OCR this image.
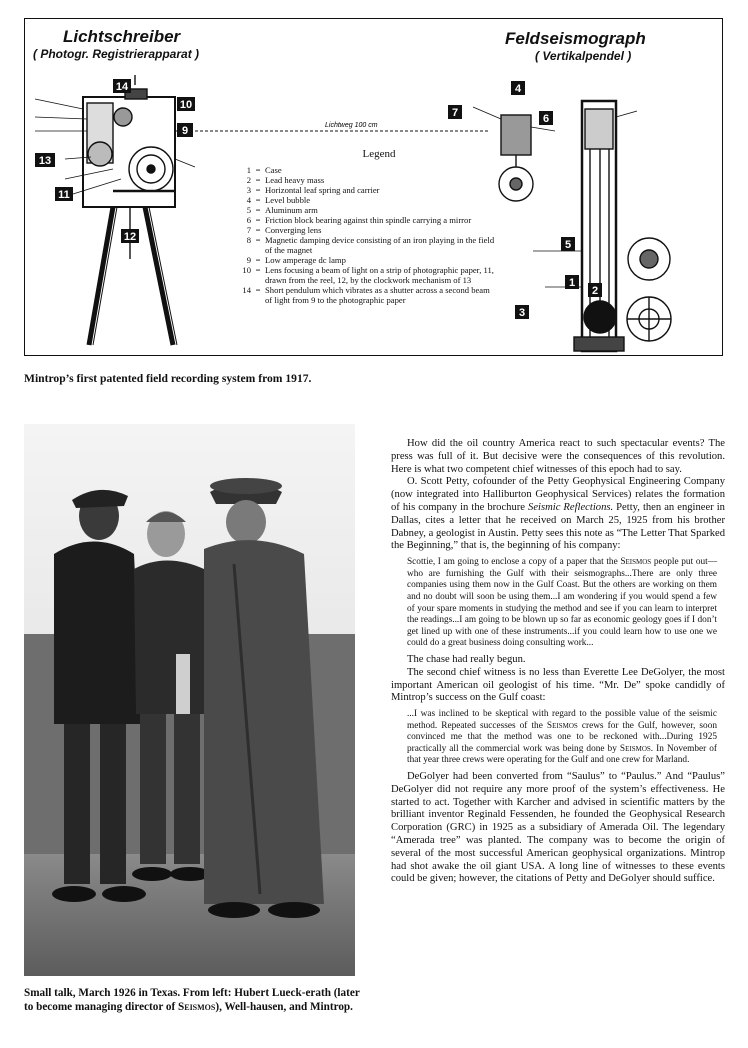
14
10
9
13
11
12
4
7	6
5
1
2
3
Lichtweg 100 cm
Lichtschreiber
( Photogr. Registrierapparat )
Feldseismograph
( Vertikalpendel )
Legend
1 = Case
2 = Lead heavy mass
3 = Horizontal leaf spring and carrier
4 = Level bubble
5 = Aluminum arm
6 = Friction block bearing against thin spindle carrying a mirror
7 = Converging lens
8 = Magnetic damping device consisting of an iron playing in the field of the magnet
9 = Low amperage dc lamp
10 = Lens focusing a beam of light on a strip of photographic paper, 11, drawn from the reel, 12, by the clockwork mechanism of 13
14 = Short pendulum which vibrates as a shutter across a second beam of light from 9 to the photographic paper
Mintrop’s first patented field recording system from 1917.
Small talk, March 1926 in Texas. From left: Hubert Lueck-erath (later to become managing director of Seismos), Well-hausen, and Mintrop.

How did the oil country America react to such spectacular events? The press was full of it. But decisive were the consequences of this revolution. Here is what two competent chief witnesses of this epoch had to say.

O. Scott Petty, cofounder of the Petty Geophysical Engineering Company (now integrated into Halliburton Geophysical Services) relates the formation of his company in the brochure Seismic Reflections. Petty, then an engineer in Dallas, cites a letter that he received on March 25, 1925 from his brother Dabney, a geologist in Austin. Petty sees this note as “The Letter That Sparked the Beginning,” that is, the beginning of his company:

Scottie, I am going to enclose a copy of a paper that the Seismos people put out—who are furnishing the Gulf with their seismographs...There are only three companies using them now in the Gulf Coast. But the others are working on them and no doubt will soon be using them...I am wondering if you would spend a few of your spare moments in studying the method and see if you can learn to interpret the readings...I am going to be blown up so far as economic geology goes if I don’t get lined up with one of these instruments...if you could learn how to use one we could do a great business doing consulting work...

The chase had really begun.

The second chief witness is no less than Everette Lee DeGolyer, the most important American oil geologist of his time. “Mr. De” spoke candidly of Mintrop’s success on the Gulf coast:

...I was inclined to be skeptical with regard to the possible value of the seismic method. Repeated successes of the Seismos crews for the Gulf, however, soon convinced me that the method was one to be reckoned with...During 1925 practically all the commercial work was being done by Seismos. In November of that year three crews were operating for the Gulf and one crew for Marland.

DeGolyer had been converted from “Saulus” to “Paulus.” And “Paulus” DeGolyer did not require any more proof of the system’s effectiveness. He started to act. Together with Karcher and advised in scientific matters by the brilliant inventor Reginald Fessenden, he founded the Geophysical Research Corporation (GRC) in 1925 as a subsidiary of Amerada Oil. The legendary “Amerada tree” was planted. The company was to become the origin of several of the most successful American geophysical organizations. Mintrop had shot awake the oil giant USA. A long line of witnesses to these events could be given; however, the citations of Petty and DeGolyer should suffice.
